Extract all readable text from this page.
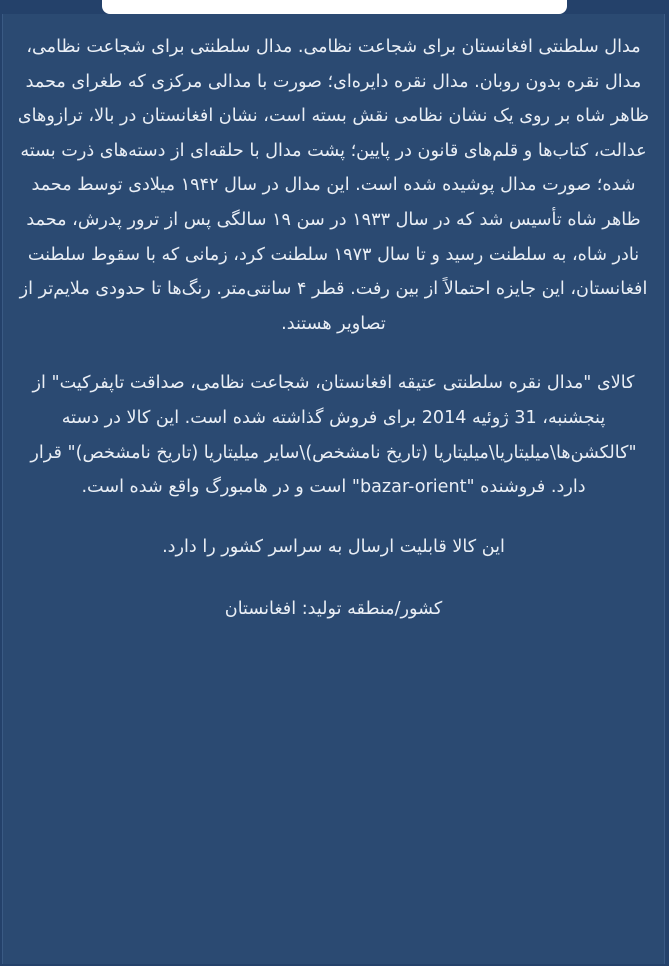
مدال سلطنتی افغانستان برای شجاعت نظامی. مدال سلطنتی برای شجاعت نظامی، مدال نقره بدون روبان. مدال نقره دایره‌ای؛ صورت با مدالی مرکزی که طغرای محمد ظاهر شاه بر روی یک نشان نظامی نقش بسته است، نشان افغانستان در بالا، ترازوهای عدالت، کتاب‌ها و قلم‌های قانون در پایین؛ پشت مدال با حلقه‌ای از دسته‌های ذرت بسته شده؛ صورت مدال پوشیده شده است. این مدال در سال ۱۹۴۲ میلادی توسط محمد ظاهر شاه تأسیس شد که در سال ۱۹۳۳ در سن ۱۹ سالگی پس از ترور پدرش، محمد نادر شاه، به سلطنت رسید و تا سال ۱۹۷۳ سلطنت کرد، زمانی که با سقوط سلطنت افغانستان، این جایزه احتمالاً از بین رفت. قطر ۴ سانتی‌متر. رنگ‌ها تا حدودی ملایم‌تر از تصاویر هستند.

کالای "مدال نقره سلطنتی عتیقه افغانستان، شجاعت نظامی، صداقت تاپفرکیت" از پنجشنبه، 31 ژوئیه 2014 برای فروش گذاشته شده است. این کالا در دسته "کالکشن‌ها\میلیتاریا\میلیتاریا (تاریخ نامشخص)\سایر میلیتاریا (تاریخ نامشخص)" قرار دارد. فروشنده "bazar-orient" است و در هامبورگ واقع شده است.

این کالا قابلیت ارسال به سراسر کشور را دارد.

کشور/منطقه تولید: افغانستان
